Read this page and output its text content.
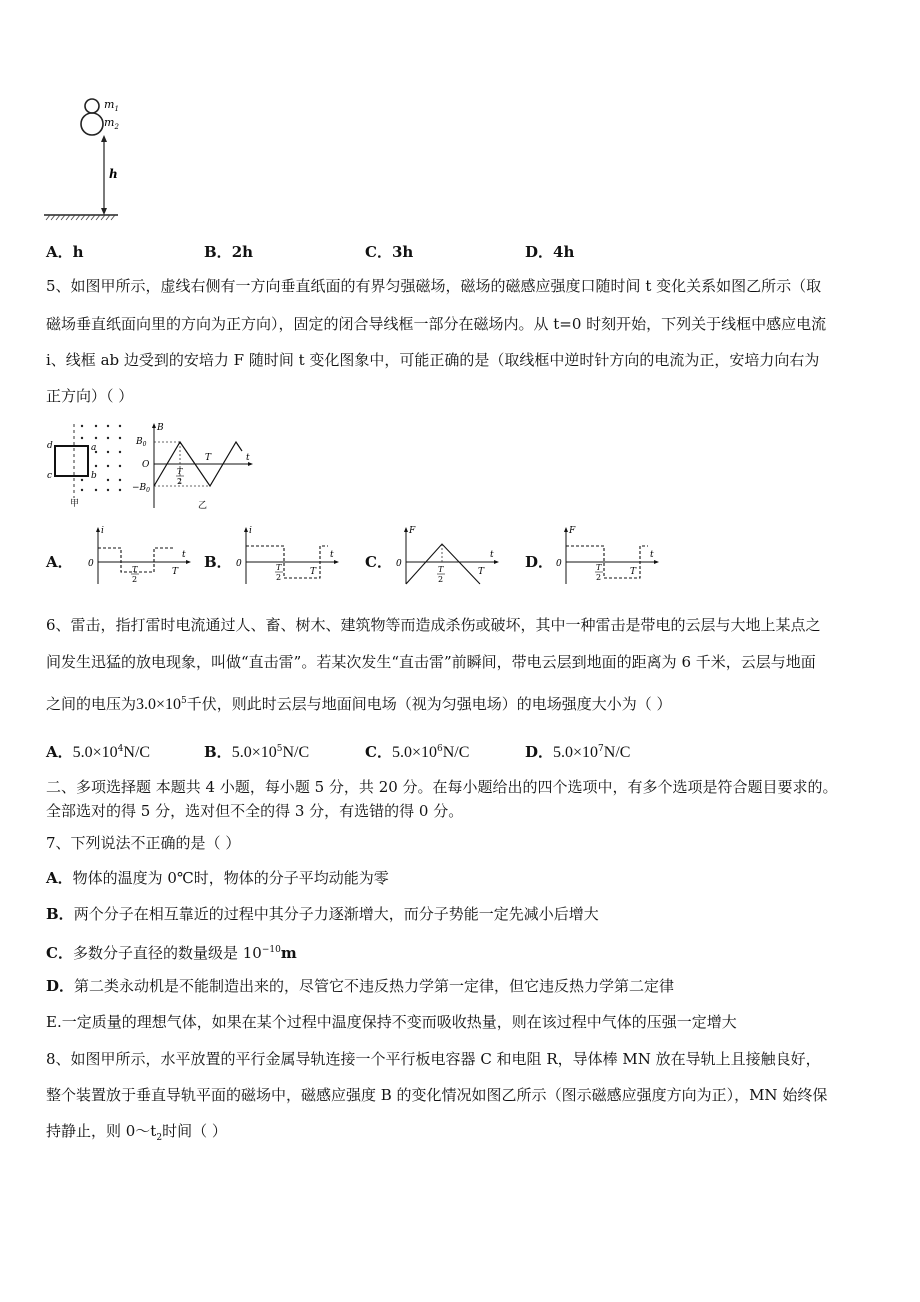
$m_1$
$m_2$
h
A．h	B．2h	C．3h	D．4h
5、如图甲所示，虚线右侧有一方向垂直纸面的有界匀强磁场，磁场的磁感应强度口随时间 t 变化关系如图乙所示（取
磁场垂直纸面向里的方向为正方向），固定的闭合导线框一部分在磁场内。从 t=0 时刻开始，下列关于线框中感应电流
i、线框 ab 边受到的安培力 F 随时间 t 变化图象中，可能正确的是（取线框中逆时针方向的电流为正，安培力向右为
正方向）（ ）
d	a
c	b
甲
B
t
$B_0$
O
$-B_0$
T
T
2
乙
A．
i
0
t
T
2
T
B．
i
0
t
T
2
T
C．
F
0
t
T
2
T
D．
F
0
t
T
2
T
6、雷击，指打雷时电流通过人、畜、树木、建筑物等而造成杀伤或破坏，其中一种雷击是带电的云层与大地上某点之
间发生迅猛的放电现象，叫做“直击雷”。若某次发生“直击雷”前瞬间，带电云层到地面的距离为 6 千米，云层与地面
之间的电压为$3.0\times 10^5$千伏，则此时云层与地面间电场（视为匀强电场）的电场强度大小为（ ）
A．$5.0\times 10^4N/C$	B．$5.0\times 10^5N/C$	C．$5.0\times 10^6N/C$	D．$5.0\times 10^7N/C$
二、多项选择题 本题共 4 小题，每小题 5 分，共 20 分。在每小题给出的四个选项中，有多个选项是符合题目要求的。
全部选对的得 5 分，选对但不全的得 3 分，有选错的得 0 分。
7、下列说法不正确的是（ ）
A．物体的温度为 0℃时，物体的分子平均动能为零
B．两个分子在相互靠近的过程中其分子力逐渐增大，而分子势能一定先减小后增大
C．多数分子直径的数量级是 $10^{-10}m$
D．第二类永动机是不能制造出来的，尽管它不违反热力学第一定律，但它违反热力学第二定律
E.一定质量的理想气体，如果在某个过程中温度保持不变而吸收热量，则在该过程中气体的压强一定增大
8、如图甲所示，水平放置的平行金属导轨连接一个平行板电容器 C 和电阻 R，导体棒 MN 放在导轨上且接触良好，
整个装置放于垂直导轨平面的磁场中，磁感应强度 B 的变化情况如图乙所示（图示磁感应强度方向为正），MN 始终保
持静止，则 $0\sim t_2$时间（ ）
